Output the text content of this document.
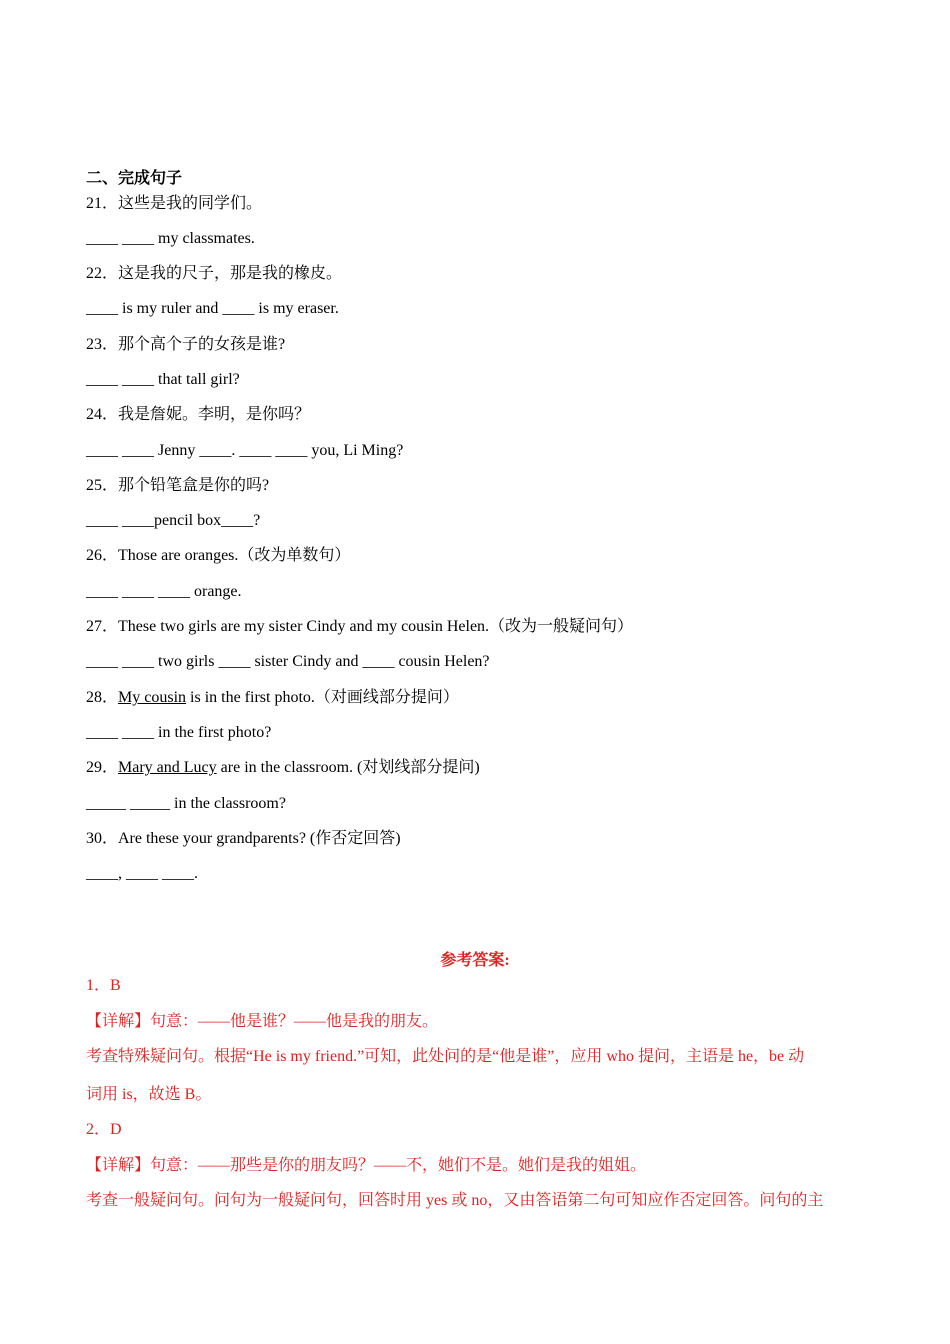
二、完成句子
21．这些是我的同学们。
____ ____ my classmates.
22．这是我的尺子，那是我的橡皮。
____ is my ruler and ____ is my eraser.
23．那个高个子的女孩是谁?
____ ____ that tall girl?
24．我是詹妮。李明，是你吗？
____ ____ Jenny ____. ____ ____ you, Li Ming?
25．那个铅笔盒是你的吗?
____ ____pencil box____?
26．Those are oranges.（改为单数句）
____ ____ ____ orange.
27．These two girls are my sister Cindy and my cousin Helen.（改为一般疑问句）
____ ____ two girls ____ sister Cindy and ____ cousin Helen?
28．My cousin is in the first photo.（对画线部分提问）
____ ____ in the first photo?
29．Mary and Lucy are in the classroom. (对划线部分提问)
_____ _____ in the classroom?
30．Are these your grandparents? (作否定回答)
____, ____ ____.
参考答案:
1．B
【详解】句意：——他是谁？——他是我的朋友。
考查特殊疑问句。根据“He is my friend.”可知，此处问的是“他是谁”，应用 who 提问，主语是 he，be 动
词用 is，故选 B。
2．D
【详解】句意：——那些是你的朋友吗？——不，她们不是。她们是我的姐姐。
考查一般疑问句。问句为一般疑问句，回答时用 yes 或 no，又由答语第二句可知应作否定回答。问句的主
